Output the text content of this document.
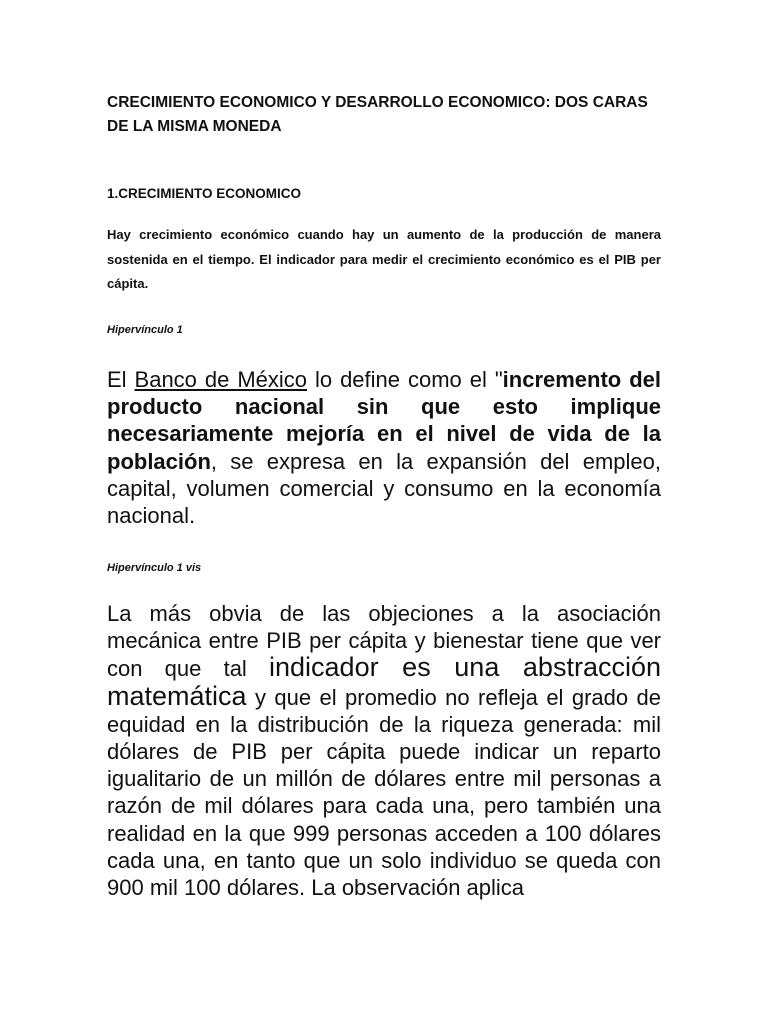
CRECIMIENTO ECONOMICO Y DESARROLLO ECONOMICO: DOS CARAS DE LA MISMA MONEDA
1.CRECIMIENTO ECONOMICO

Hay crecimiento económico cuando hay un aumento de la producción de manera sostenida en el tiempo. El indicador para medir el crecimiento económico es el PIB per cápita.

Hipervínculo 1

El Banco de México lo define como el "incremento del producto nacional sin que esto implique necesariamente mejoría en el nivel de vida de la población, se expresa en la expansión del empleo, capital, volumen comercial y consumo en la economía nacional.

Hipervínculo 1 vis

La más obvia de las objeciones a la asociación mecánica entre PIB per cápita y bienestar tiene que ver con que tal indicador es una abstracción matemática y que el promedio no refleja el grado de equidad en la distribución de la riqueza generada: mil dólares de PIB per cápita puede indicar un reparto igualitario de un millón de dólares entre mil personas a razón de mil dólares para cada una, pero también una realidad en la que 999 personas acceden a 100 dólares cada una, en tanto que un solo individuo se queda con 900 mil 100 dólares. La observación aplica
